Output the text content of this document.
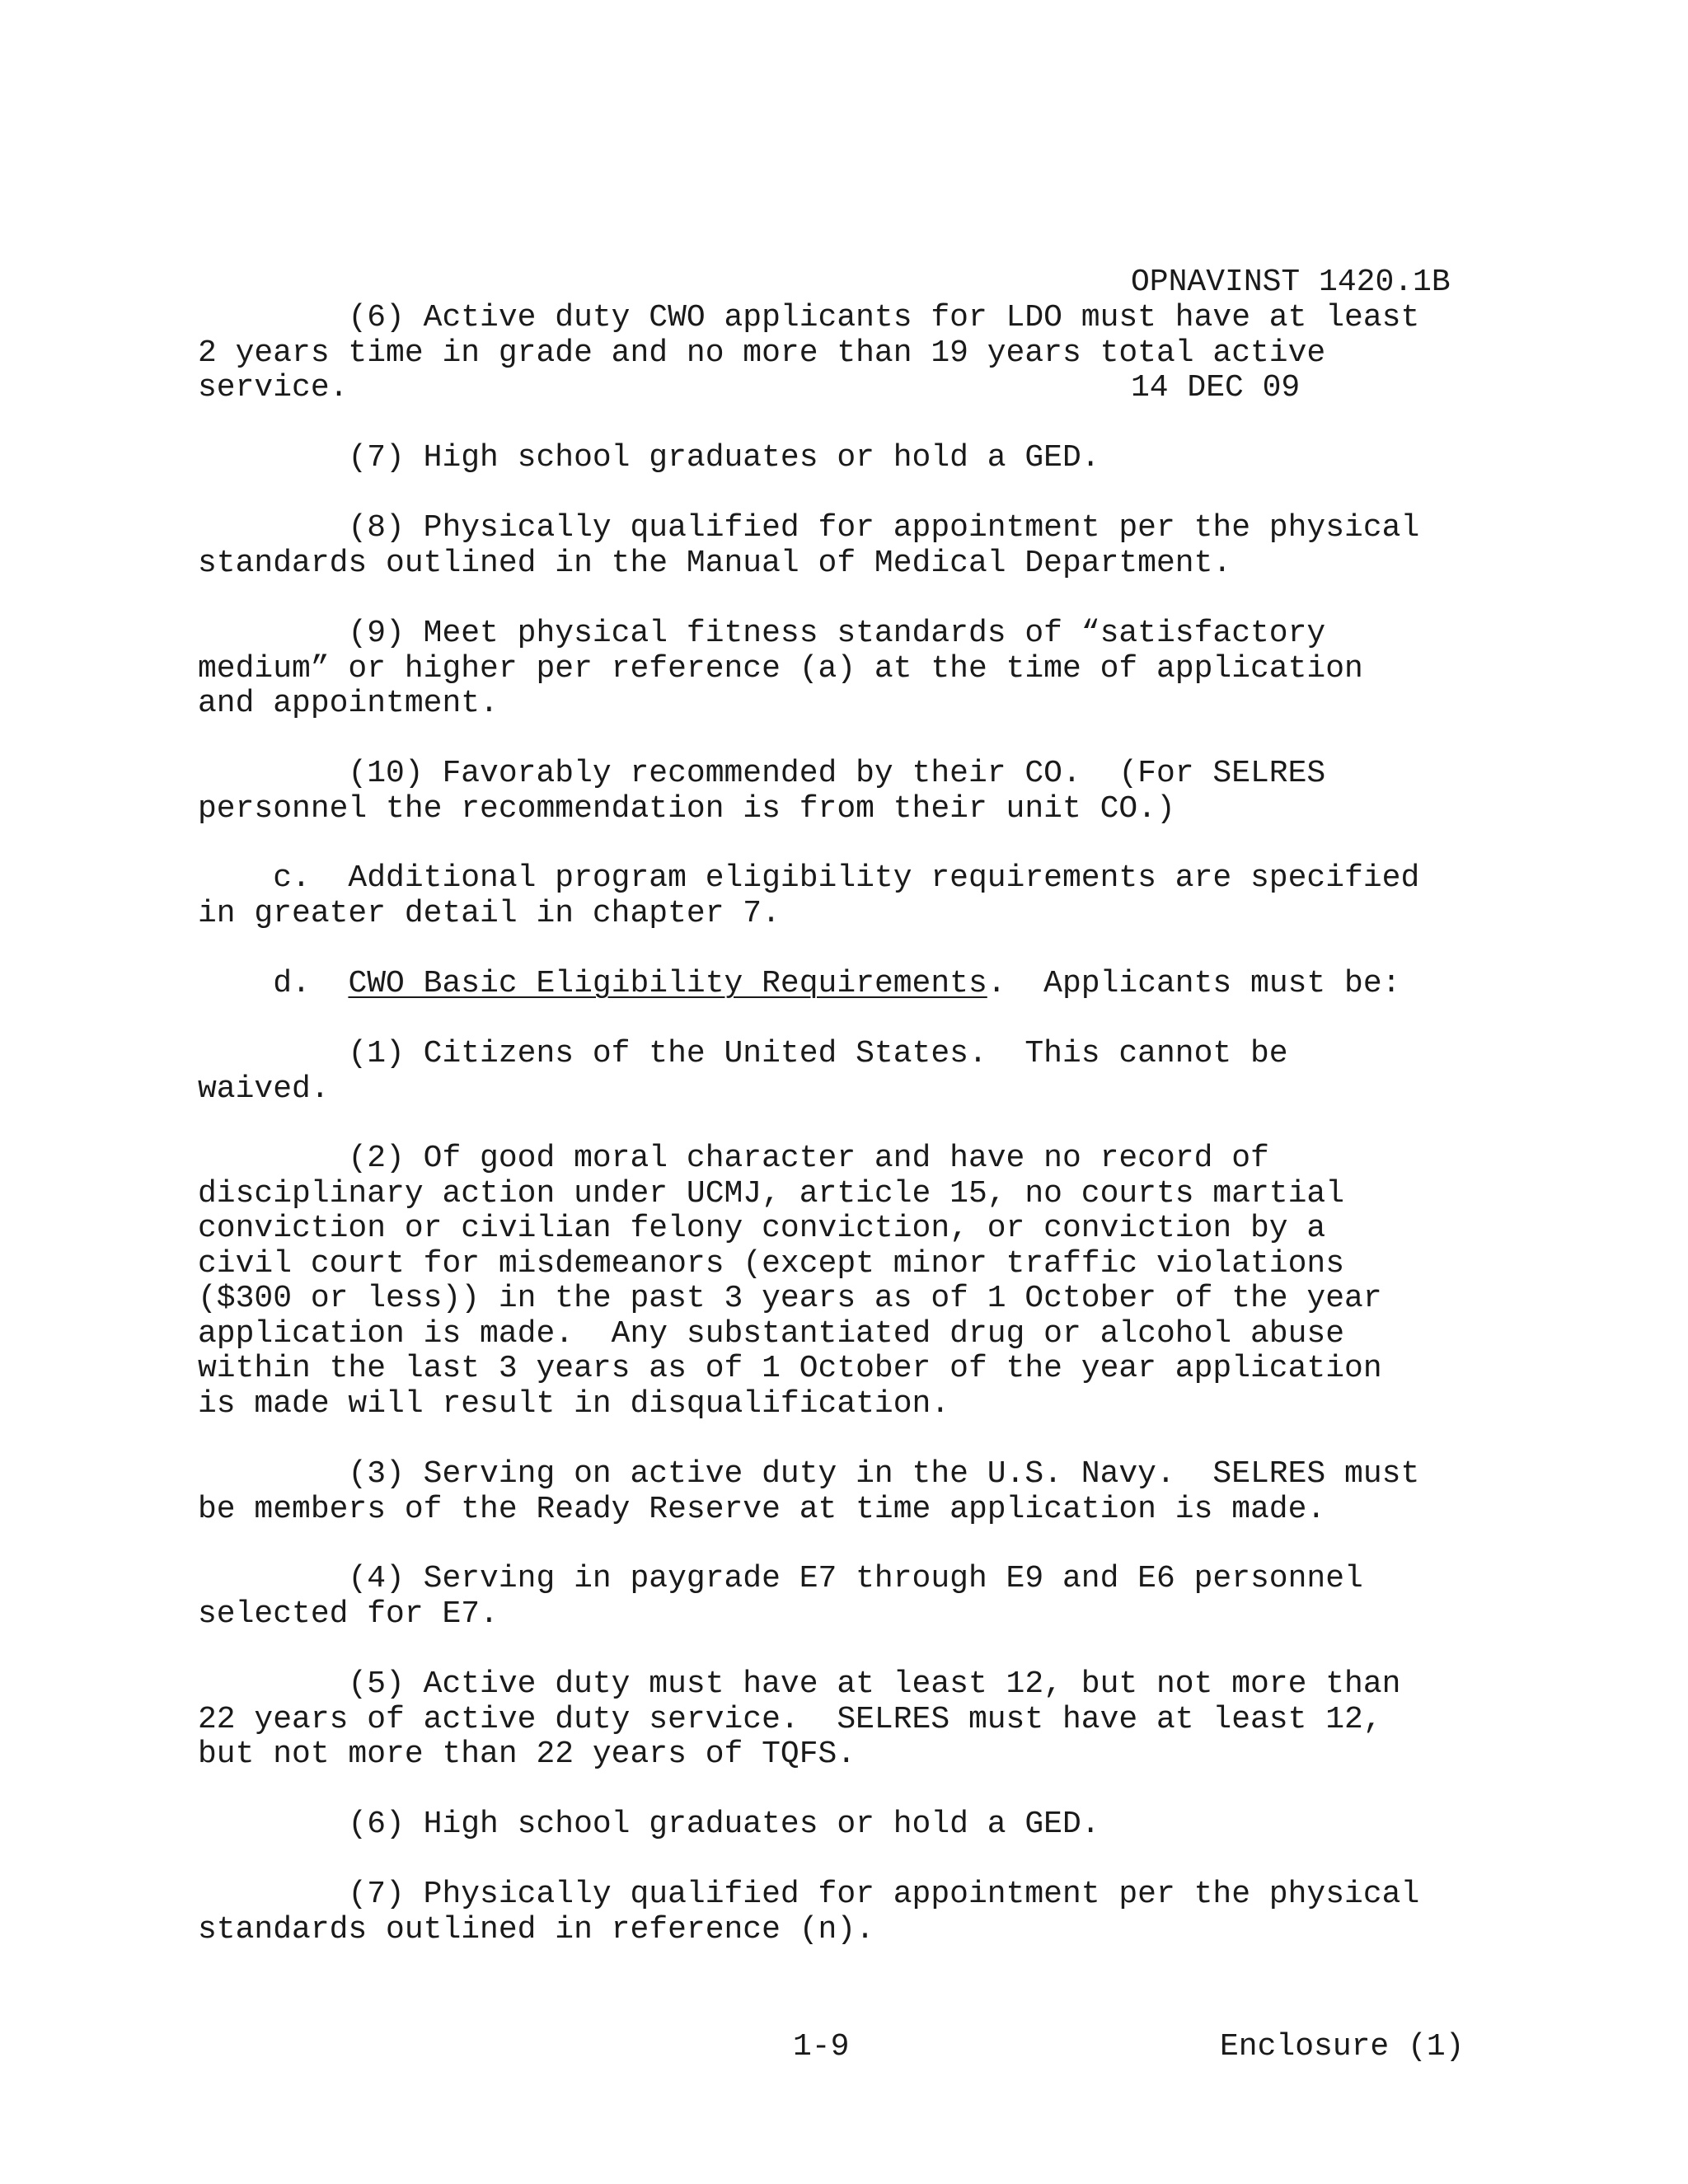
OPNAVINST 1420.1B

14 DEC 09

(6) Active duty CWO applicants for LDO must have at least
2 years time in grade and no more than 19 years total active
service.

(7) High school graduates or hold a GED.

(8) Physically qualified for appointment per the physical
standards outlined in the Manual of Medical Department.

(9) Meet physical fitness standards of “satisfactory
medium” or higher per reference (a) at the time of application
and appointment.

(10) Favorably recommended by their CO.  (For SELRES
personnel the recommendation is from their unit CO.)

c.  Additional program eligibility requirements are specified
in greater detail in chapter 7.

d.  CWO Basic Eligibility Requirements.  Applicants must be:

(1) Citizens of the United States.  This cannot be
waived.

(2) Of good moral character and have no record of
disciplinary action under UCMJ, article 15, no courts martial
conviction or civilian felony conviction, or conviction by a
civil court for misdemeanors (except minor traffic violations
($300 or less)) in the past 3 years as of 1 October of the year
application is made.  Any substantiated drug or alcohol abuse
within the last 3 years as of 1 October of the year application
is made will result in disqualification.

(3) Serving on active duty in the U.S. Navy.  SELRES must
be members of the Ready Reserve at time application is made.

(4) Serving in paygrade E7 through E9 and E6 personnel
selected for E7.

(5) Active duty must have at least 12, but not more than
22 years of active duty service.  SELRES must have at least 12,
but not more than 22 years of TQFS.

(6) High school graduates or hold a GED.

(7) Physically qualified for appointment per the physical
standards outlined in reference (n).

1-9	Enclosure (1)
